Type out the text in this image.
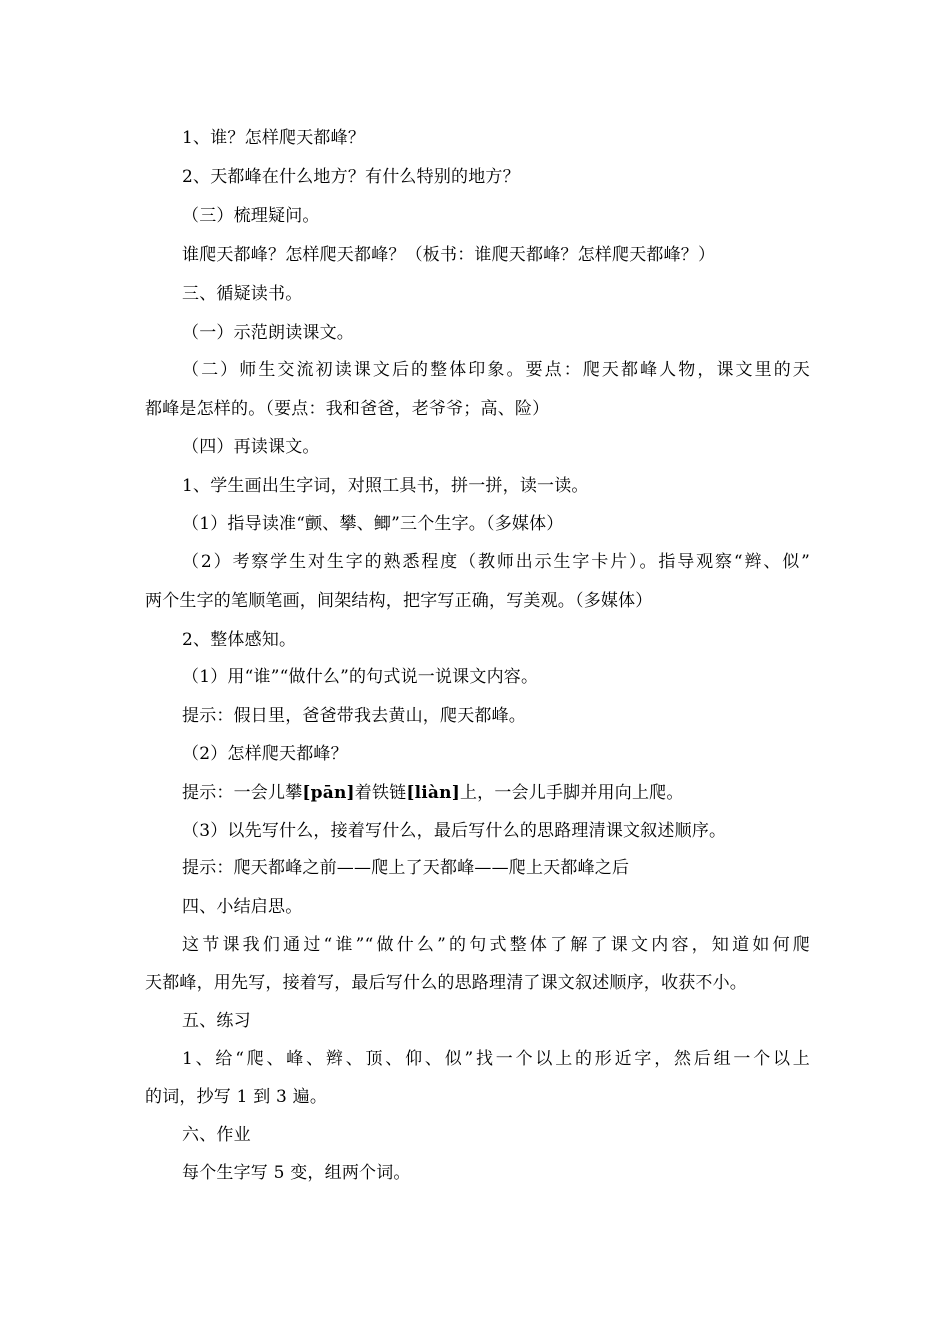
1、谁？怎样爬天都峰？
2、天都峰在什么地方？有什么特别的地方？
（三）梳理疑问。
谁爬天都峰？怎样爬天都峰？（板书：谁爬天都峰？怎样爬天都峰？）
三、循疑读书。
（一）示范朗读课文。
（二）师生交流初读课文后的整体印象。要点：爬天都峰人物，课文里的天
都峰是怎样的。（要点：我和爸爸，老爷爷；高、险）
（四）再读课文。
1、学生画出生字词，对照工具书，拼一拼，读一读。
（1）指导读准“颤、攀、鲫”三个生字。（多媒体）
（2）考察学生对生字的熟悉程度（教师出示生字卡片）。指导观察“辫、似”
两个生字的笔顺笔画，间架结构，把字写正确，写美观。（多媒体）
2、整体感知。
（1）用“谁”“做什么”的句式说一说课文内容。
提示：假日里，爸爸带我去黄山，爬天都峰。
（2）怎样爬天都峰？
提示：一会儿攀[pān]着铁链[liàn]上，一会儿手脚并用向上爬。
（3）以先写什么，接着写什么，最后写什么的思路理清课文叙述顺序。
提示：爬天都峰之前——爬上了天都峰——爬上天都峰之后
四、小结启思。
这节课我们通过“谁”“做什么”的句式整体了解了课文内容，知道如何爬
天都峰，用先写，接着写，最后写什么的思路理清了课文叙述顺序，收获不小。
五、练习
1、给“爬、峰、辫、顶、仰、似”找一个以上的形近字，然后组一个以上
的词，抄写 1 到 3 遍。
六、作业
每个生字写 5 变，组两个词。
